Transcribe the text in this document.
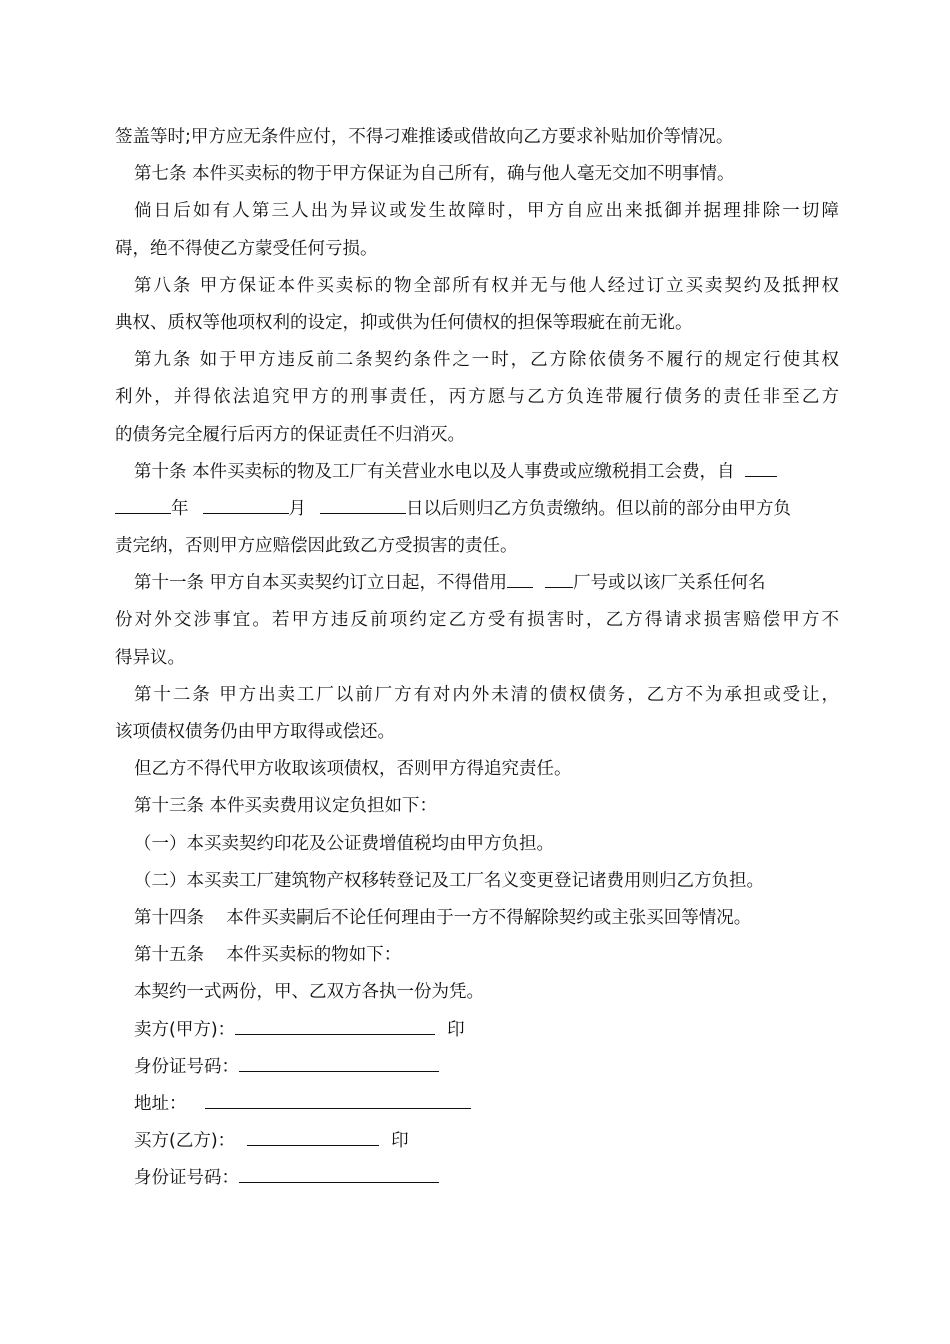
签盖等时;甲方应无条件应付，不得刁难推诿或借故向乙方要求补贴加价等情况。
第七条 本件买卖标的物于甲方保证为自己所有，确与他人毫无交加不明事情。
倘日后如有人第三人出为异议或发生故障时，甲方自应出来抵御并据理排除一切障
碍，绝不得使乙方蒙受任何亏损。
第八条 甲方保证本件买卖标的物全部所有权并无与他人经过订立买卖契约及抵押权
典权、质权等他项权利的设定，抑或供为任何债权的担保等瑕疵在前无讹。
第九条 如于甲方违反前二条契约条件之一时，乙方除依债务不履行的规定行使其权
利外，并得依法追究甲方的刑事责任，丙方愿与乙方负连带履行债务的责任非至乙方
的债务完全履行后丙方的保证责任不归消灭。
第十条 本件买卖标的物及工厂有关营业水电以及人事费或应缴税捐工会费，自
年	月	日以后则归乙方负责缴纳。但以前的部分由甲方负
责完纳，否则甲方应赔偿因此致乙方受损害的责任。
第十一条 甲方自本买卖契约订立日起，不得借用	厂号或以该厂关系任何名
份对外交涉事宜。若甲方违反前项约定乙方受有损害时，乙方得请求损害赔偿甲方不
得异议。
第十二条 甲方出卖工厂以前厂方有对内外未清的债权债务，乙方不为承担或受让，
该项债权债务仍由甲方取得或偿还。
但乙方不得代甲方收取该项债权，否则甲方得追究责任。
第十三条 本件买卖费用议定负担如下：
（一）本买卖契约印花及公证费增值税均由甲方负担。
（二）本买卖工厂建筑物产权移转登记及工厂名义变更登记诸费用则归乙方负担。
第十四条    本件买卖嗣后不论任何理由于一方不得解除契约或主张买回等情况。
第十五条    本件买卖标的物如下：
本契约一式两份，甲、乙双方各执一份为凭。
卖方(甲方)：	印
身份证号码：
地址：
买方(乙方)：	印
身份证号码：
